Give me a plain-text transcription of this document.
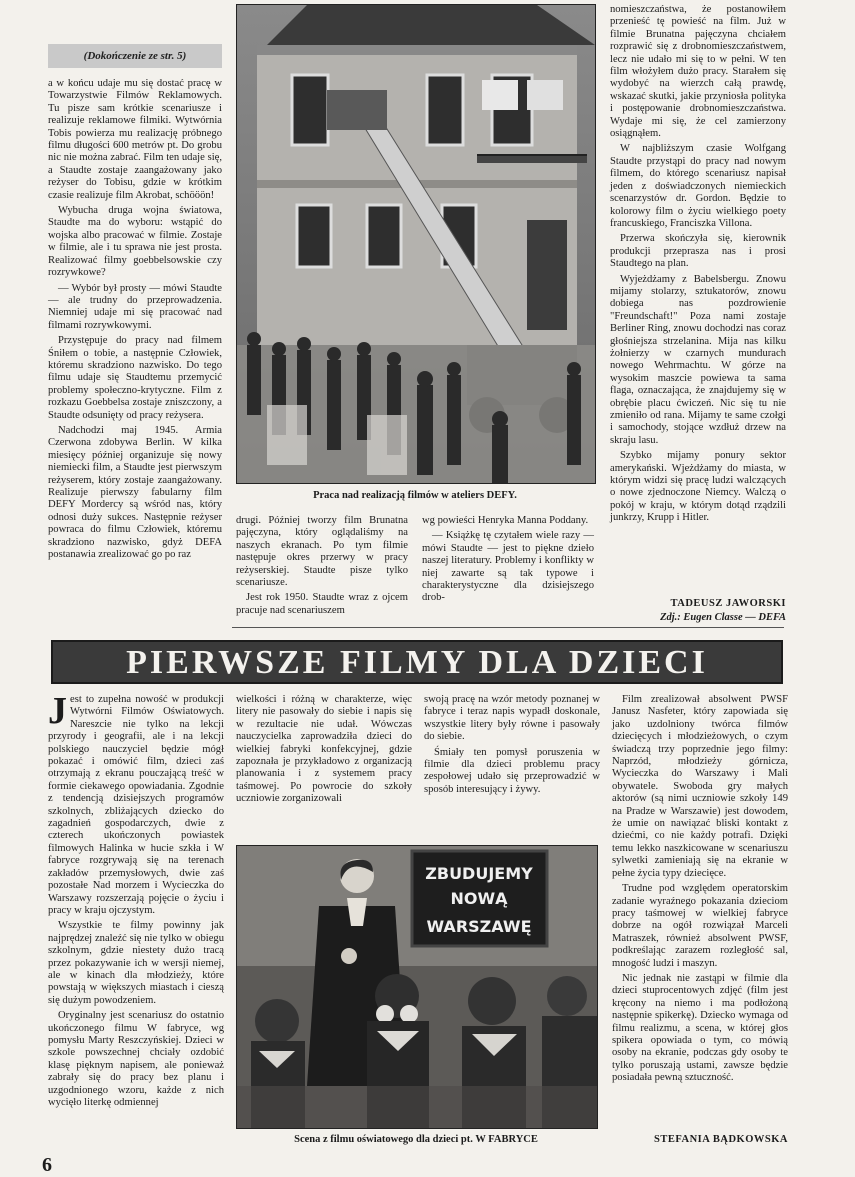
(Dokończenie ze str. 5)

a w końcu udaje mu się dostać pracę w Towarzystwie Filmów Reklamowych. Tu pisze sam krótkie scenariusze i realizuje reklamowe filmiki. Wytwórnia Tobis powierza mu realizację próbnego filmu długości 600 metrów pt. Do grobu nic nie można zabrać. Film ten udaje się, a Staudte zostaje zaangażowany jako reżyser do Tobisu, gdzie w krótkim czasie realizuje film Akrobat, schööön!

Wybucha druga wojna światowa, Staudte ma do wyboru: wstąpić do wojska albo pracować w filmie. Zostaje w filmie, ale i tu sprawa nie jest prosta. Realizować filmy goebbelsowskie czy rozrywkowe?

— Wybór był prosty — mówi Staudte — ale trudny do przeprowadzenia. Niemniej udaje mi się pracować nad filmami rozrywkowymi.

Przystępuje do pracy nad filmem Śniłem o tobie, a następnie Człowiek, któremu skradziono nazwisko. Do tego filmu udaje się Staudtemu przemycić problemy społeczno-krytyczne. Film z rozkazu Goebbelsa zostaje zniszczony, a Staudte odsunięty od pracy reżysera.

Nadchodzi maj 1945. Armia Czerwona zdobywa Berlin. W kilka miesięcy później organizuje się nowy niemiecki film, a Staudte jest pierwszym reżyserem, który zostaje zaangażowany. Realizuje pierwszy fabularny film DEFY Mordercy są wśród nas, który odnosi duży sukces. Następnie reżyser powraca do filmu Człowiek, któremu skradziono nazwisko, gdyż DEFA postanawia zrealizować go po raz

Praca nad realizacją filmów w ateliers DEFY.

drugi. Później tworzy film Brunatna pajęczyna, który oglądaliśmy na naszych ekranach. Po tym filmie następuje okres przerwy w pracy reżyserskiej. Staudte pisze tylko scenariusze.

Jest rok 1950. Staudte wraz z ojcem pracuje nad scenariuszem

wg powieści Henryka Manna Poddany.

— Książkę tę czytałem wiele razy — mówi Staudte — jest to piękne dzieło naszej literatury. Problemy i konflikty w niej zawarte są tak typowe i charakterystyczne dla dzisiejszego drob-

nomieszczaństwa, że postanowiłem przenieść tę powieść na film. Już w filmie Brunatna pajęczyna chciałem rozprawić się z drobnomieszczaństwem, lecz nie udało mi się to w pełni. W ten film włożyłem dużo pracy. Starałem się wydobyć na wierzch całą prawdę, wskazać skutki, jakie przyniosła polityka i postępowanie drobnomieszczaństwa. Wydaje mi się, że cel zamierzony osiągnąłem.

W najbliższym czasie Wolfgang Staudte przystąpi do pracy nad nowym filmem, do którego scenariusz napisał jeden z doświadczonych niemieckich scenarzystów dr. Gordon. Będzie to kolorowy film o życiu wielkiego poety francuskiego, Franciszka Villona.

Przerwa skończyła się, kierownik produkcji przeprasza nas i prosi Staudtego na plan.

Wyjeżdżamy z Babelsbergu. Znowu mijamy stolarzy, sztukatorów, znowu dobiega nas pozdrowienie "Freundschaft!" Poza nami zostaje Berliner Ring, znowu dochodzi nas coraz głośniejsza strzelanina. Mija nas kilku żołnierzy w czarnych mundurach nowego Wehrmachtu. W górze na wysokim maszcie powiewa ta sama flaga, oznaczająca, że znajdujemy się w obrębie placu ćwiczeń. Nic się tu nie zmieniło od rana. Mijamy te same czołgi i samochody, stojące wzdłuż drzew na skraju lasu.

Szybko mijamy ponury sektor amerykański. Wjeżdżamy do miasta, w którym widzi się pracę ludzi walczących o nowe zjednoczone Niemcy. Walczą o pokój w kraju, w którym dotąd rządzili junkrzy, Krupp i Hitler.

TADEUSZ JAWORSKI
Zdj.: Eugen Classe — DEFA
PIERWSZE FILMY DLA DZIECI

Jest to zupełna nowość w produkcji Wytwórni Filmów Oświatowych. Nareszcie nie tylko na lekcji przyrody i geografii, ale i na lekcji polskiego nauczyciel będzie mógł pokazać i omówić film, dzieci zaś otrzymają z ekranu pouczającą treść w formie ciekawego opowiadania. Zgodnie z tendencją dzisiejszych programów szkolnych, zbliżających dziecko do zagadnień gospodarczych, dwie z czterech ukończonych powiastek filmowych Halinka w hucie szkła i W fabryce rozgrywają się na terenach zakładów przemysłowych, dwie zaś pozostałe Nad morzem i Wycieczka do Warszawy rozszerzają pojęcie o życiu i pracy w kraju ojczystym.

Wszystkie te filmy powinny jak najprędzej znaleźć się nie tylko w obiegu szkolnym, gdzie niestety dużo tracą przez pokazywanie ich w wersji niemej, ale w kinach dla młodzieży, które powstają w większych miastach i cieszą się dużym powodzeniem.

Oryginalny jest scenariusz do ostatnio ukończonego filmu W fabryce, wg pomysłu Marty Reszczyńskiej. Dzieci w szkole powszechnej chciały ozdobić klasę pięknym napisem, ale ponieważ zabrały się do pracy bez planu i uzgodnionego wzoru, każde z nich wycięło literkę odmiennej

wielkości i różną w charakterze, więc litery nie pasowały do siebie i napis się w rezultacie nie udał. Wówczas nauczycielka zaprowadziła dzieci do wielkiej fabryki konfekcyjnej, gdzie zapoznała je przykładowo z organizacją planowania i z systemem pracy taśmowej. Po powrocie do szkoły uczniowie zorganizowali

swoją pracę na wzór metody poznanej w fabryce i teraz napis wypadł doskonale, wszystkie litery były równe i pasowały do siebie.

Śmiały ten pomysł poruszenia w filmie dla dzieci problemu pracy zespołowej udało się przeprowadzić w sposób interesujący i żywy.

ZBUDUJEMY
NOWĄ
WARSZAWĘ
Scena z filmu oświatowego dla dzieci pt. W FABRYCE

Film zrealizował absolwent PWSF Janusz Nasfeter, który zapowiada się jako uzdolniony twórca filmów dziecięcych i młodzieżowych, o czym świadczą trzy poprzednie jego filmy: Naprzód, młodzieży górnicza, Wycieczka do Warszawy i Mali obywatele. Swoboda gry małych aktorów (są nimi uczniowie szkoły 149 na Pradze w Warszawie) jest dowodem, że umie on nawiązać bliski kontakt z dziećmi, co nie każdy potrafi. Dzięki temu lekko naszkicowane w scenariuszu sylwetki zamieniają się na ekranie w pełne życia typy dziecięce.

Trudne pod względem operatorskim zadanie wyraźnego pokazania dzieciom pracy taśmowej w wielkiej fabryce dobrze na ogół rozwiązał Marceli Matraszek, również absolwent PWSF, podkreślając zarazem rozległość sal, mnogość ludzi i maszyn.

Nic jednak nie zastąpi w filmie dla dzieci stuprocentowych zdjęć (film jest kręcony na niemo i ma podłożoną następnie spikerkę). Dziecko wymaga od filmu realizmu, a scena, w której głos spikera opowiada o tym, co mówią osoby na ekranie, podczas gdy osoby te tylko poruszają ustami, zawsze będzie posiadała pewną sztuczność.

STEFANIA BĄDKOWSKA
6
